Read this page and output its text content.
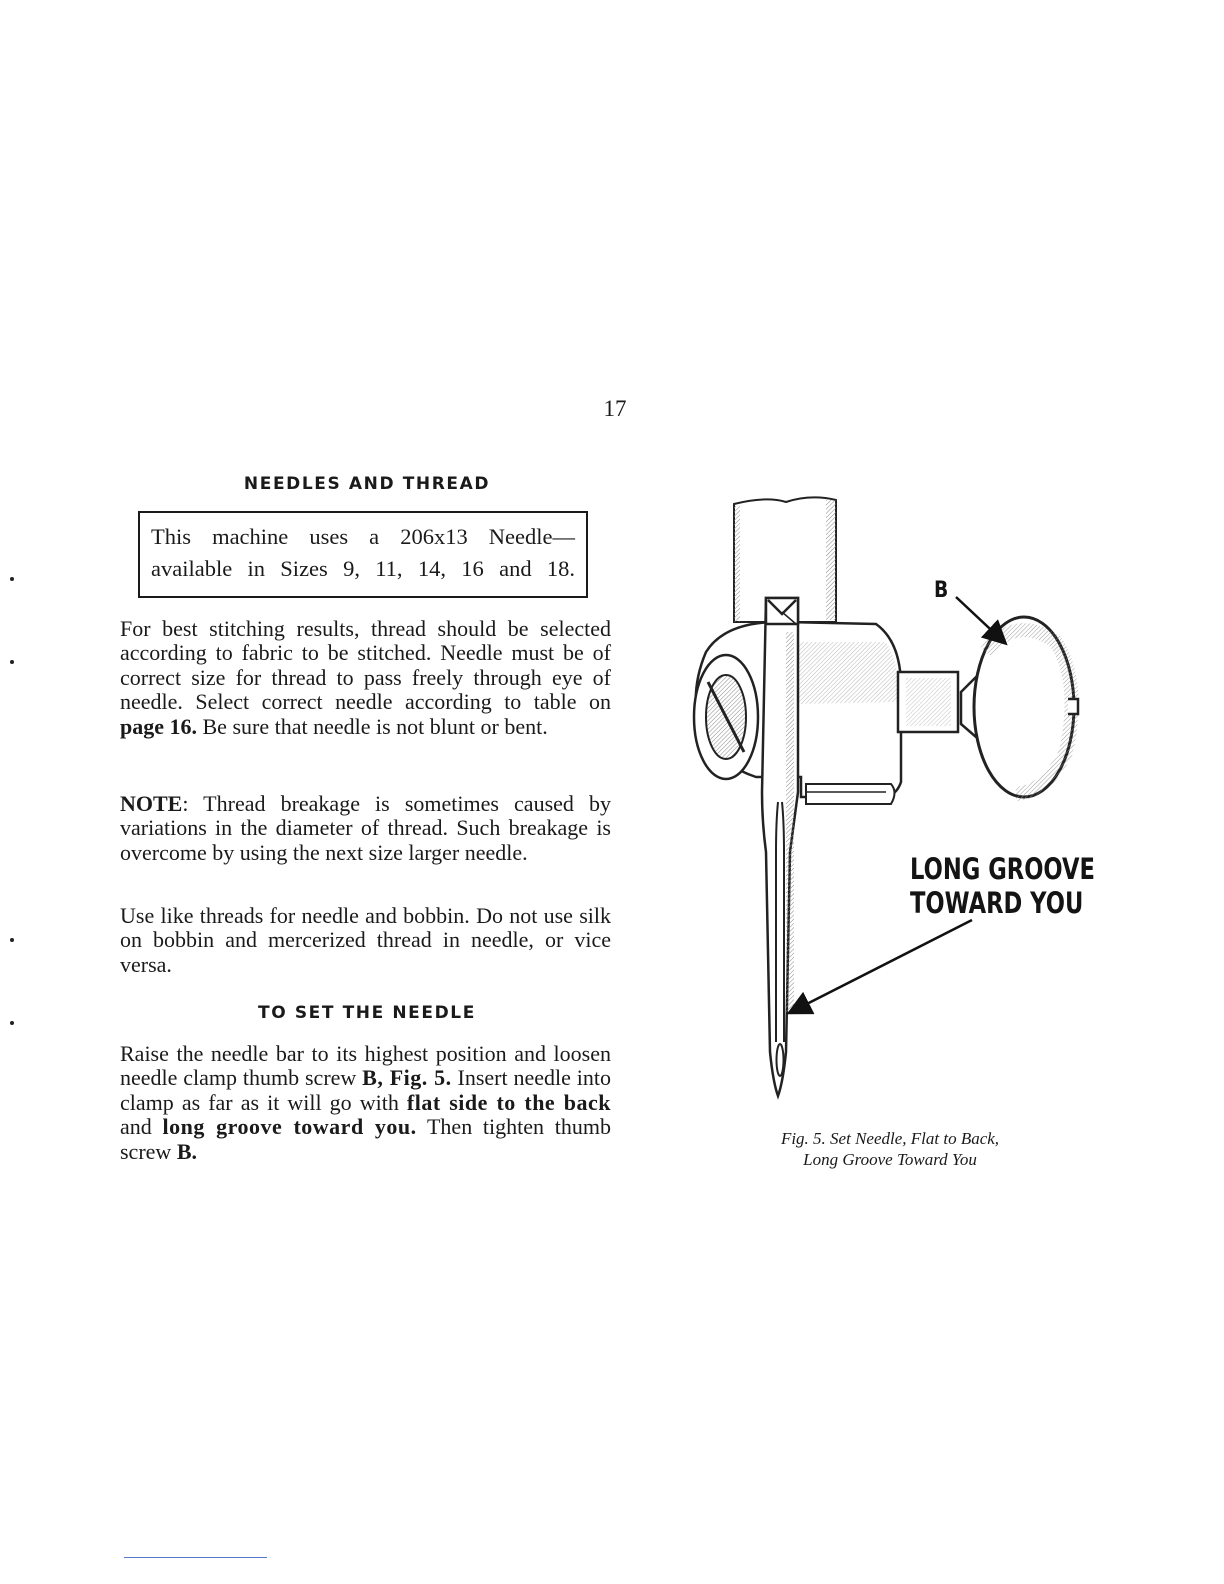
17
NEEDLES AND THREAD
This machine uses a 206x13 Needle—
available in Sizes 9, 11, 14, 16 and 18.
For best stitching results, thread should be selected according to fabric to be stitched. Needle must be of correct size for thread to pass freely through eye of needle. Select correct needle according to table on page 16. Be sure that needle is not blunt or bent.
NOTE: Thread breakage is sometimes caused by variations in the diameter of thread. Such breakage is overcome by using the next size larger needle.
Use like threads for needle and bobbin. Do not use silk on bobbin and mercerized thread in needle, or vice versa.
TO SET THE NEEDLE
Raise the needle bar to its highest position and loosen needle clamp thumb screw B, Fig. 5. Insert needle into clamp as far as it will go with flat side to the back and long groove toward you. Then tighten thumb screw B.
B
LONG GROOVE
TOWARD YOU
Fig. 5. Set Needle, Flat to Back,
Long Groove Toward You
